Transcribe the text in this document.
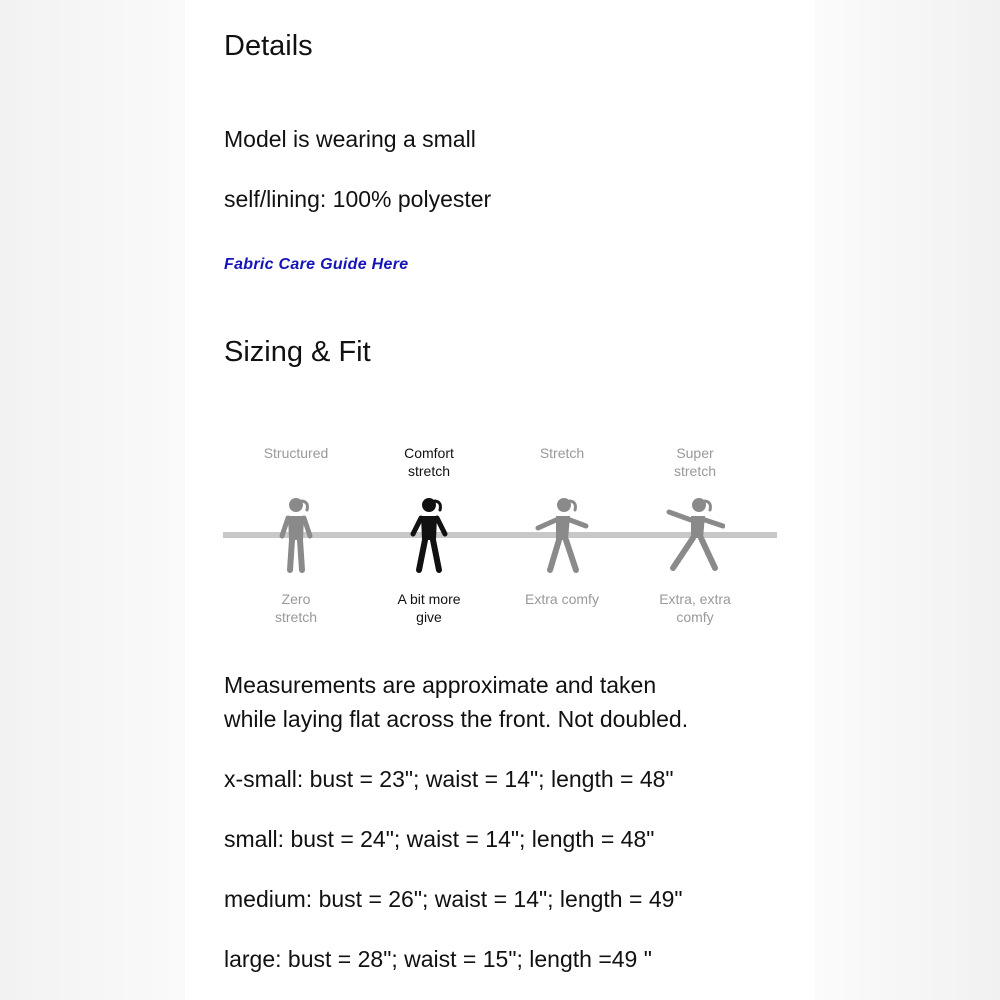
Details

Model is wearing a small

self/lining: 100% polyester

Fabric Care Guide Here
Sizing & Fit
Structured
Zero
stretch
Comfort
stretch
A bit more
give
Stretch
Extra comfy
Super
stretch
Extra, extra
comfy

Measurements are approximate and taken
while laying flat across the front. Not doubled.

x-small: bust = 23"; waist = 14"; length = 48"

small: bust = 24"; waist = 14"; length = 48"

medium: bust = 26"; waist = 14"; length = 49"

large: bust = 28"; waist = 15"; length =49 "
